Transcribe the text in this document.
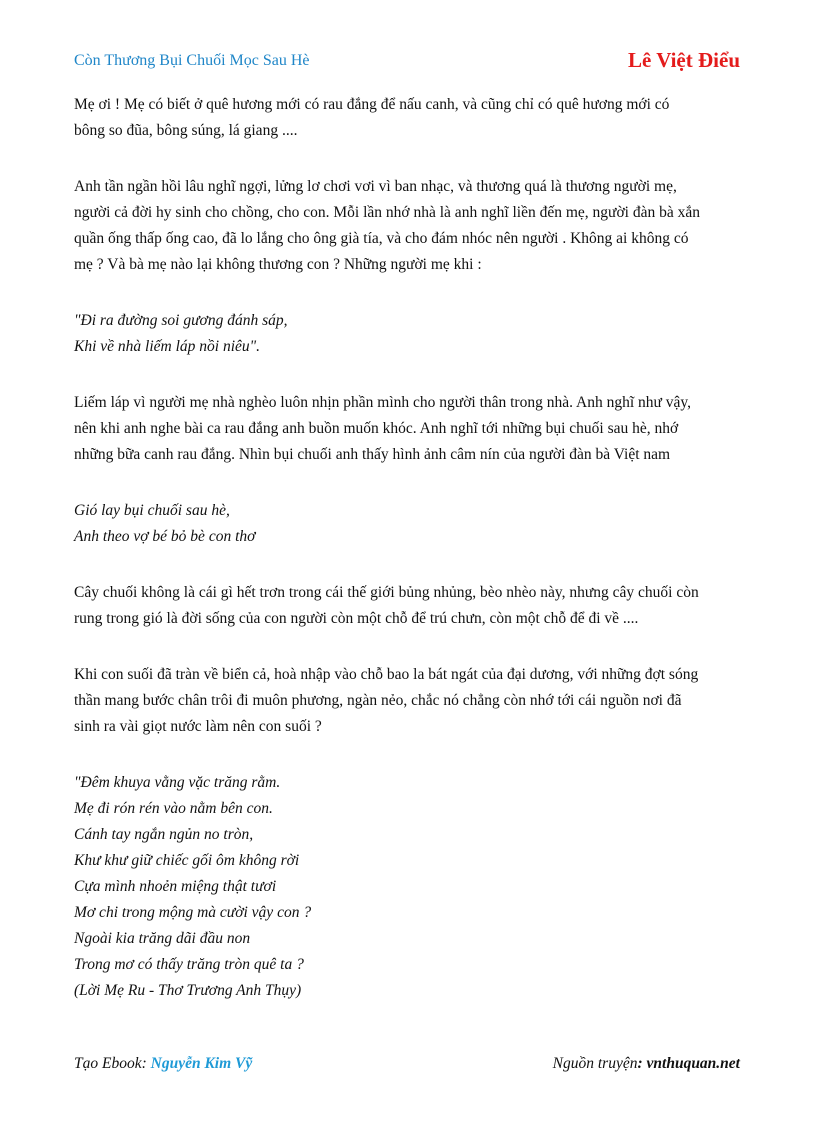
Còn Thương Bụi Chuối Mọc Sau Hè	Lê Việt Điểu

Mẹ ơi ! Mẹ có biết ở quê hương mới có rau đắng để nấu canh, và cũng chỉ có quê hương mới có
bông so đũa, bông súng, lá giang ....

Anh tần ngần hồi lâu nghĩ ngợi, lửng lơ chơi vơi vì ban nhạc, và thương quá là thương người mẹ,
người cả đời hy sinh cho chồng, cho con. Mỗi lần nhớ nhà là anh nghĩ liền đến mẹ, người đàn bà xắn
quần ống thấp ống cao, đã lo lắng cho ông già tía, và cho đám nhóc nên người . Không ai không có
mẹ ? Và bà mẹ nào lại không thương con ? Những người mẹ khi :

"Đi ra đường soi gương đánh sáp,
Khi về nhà liếm láp nồi niêu".

Liếm láp vì người mẹ nhà nghèo luôn nhịn phần mình cho người thân trong nhà. Anh nghĩ như vậy,
nên khi anh nghe bài ca rau đắng anh buồn muốn khóc. Anh nghĩ tới những bụi chuối sau hè, nhớ
những bữa canh rau đắng. Nhìn bụi chuối anh thấy hình ảnh câm nín của người đàn bà Việt nam

Gió lay bụi chuối sau hè,
Anh theo vợ bé bỏ bè con thơ

Cây chuối không là cái gì hết trơn trong cái thế giới bủng nhủng, bèo nhèo này, nhưng cây chuối còn
rung trong gió là đời sống của con người còn một chỗ để trú chưn, còn một chỗ để đi về ....

Khi con suối đã tràn về biển cả, hoà nhập vào chỗ bao la bát ngát của đại dương, với những đợt sóng
thần mang bước chân trôi đi muôn phương, ngàn nẻo, chắc nó chẳng còn nhớ tới cái nguồn nơi đã
sinh ra vài giọt nước làm nên con suối ?

"Đêm khuya vằng vặc trăng rằm.
Mẹ đi rón rén vào nằm bên con.
Cánh tay ngắn ngủn no tròn,
Khư khư giữ chiếc gối ôm không rời
Cựa mình nhoẻn miệng thật tươi
Mơ chi trong mộng mà cười vậy con ?
Ngoài kia trăng dãi đầu non
Trong mơ có thấy trăng tròn quê ta ?
(Lời Mẹ Ru - Thơ Trương Anh Thụy)

Tạo Ebook: Nguyễn Kim Vỹ	Nguồn truyện: vnthuquan.net
